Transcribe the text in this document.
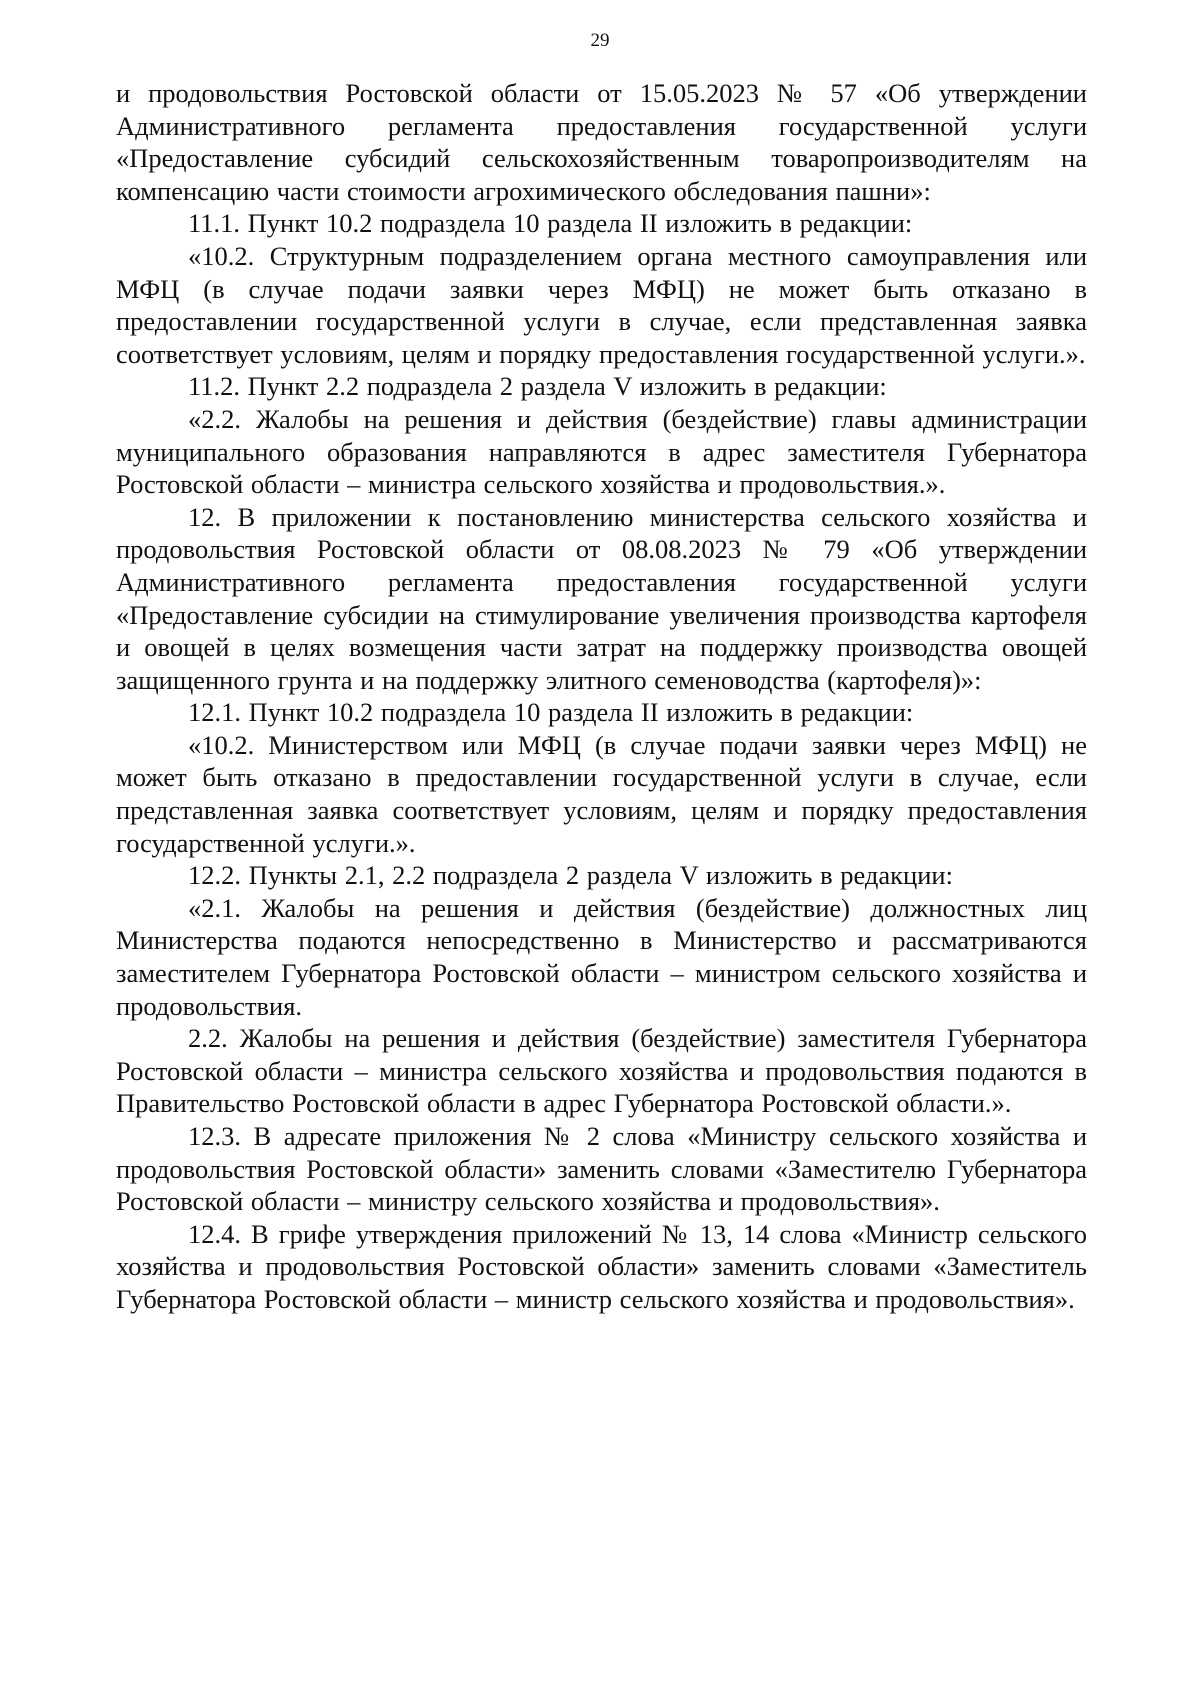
29

и продовольствия Ростовской области от 15.05.2023 № 57 «Об утверждении Административного регламента предоставления государственной услуги «Предоставление субсидий сельскохозяйственным товаропроизводителям на компенсацию части стоимости агрохимического обследования пашни»:

11.1. Пункт 10.2 подраздела 10 раздела II изложить в редакции:

«10.2. Структурным подразделением органа местного самоуправления или МФЦ (в случае подачи заявки через МФЦ) не может быть отказано в предоставлении государственной услуги в случае, если представленная заявка соответствует условиям, целям и порядку предоставления государственной услуги.».

11.2. Пункт 2.2 подраздела 2 раздела V изложить в редакции:

«2.2. Жалобы на решения и действия (бездействие) главы администрации муниципального образования направляются в адрес заместителя Губернатора Ростовской области – министра сельского хозяйства и продовольствия.».

12. В приложении к постановлению министерства сельского хозяйства и продовольствия Ростовской области от 08.08.2023 № 79 «Об утверждении Административного регламента предоставления государственной услуги «Предоставление субсидии на стимулирование увеличения производства картофеля и овощей в целях возмещения части затрат на поддержку производства овощей защищенного грунта и на поддержку элитного семеноводства (картофеля)»:

12.1. Пункт 10.2 подраздела 10 раздела II изложить в редакции:

«10.2. Министерством или МФЦ (в случае подачи заявки через МФЦ) не может быть отказано в предоставлении государственной услуги в случае, если представленная заявка соответствует условиям, целям и порядку предоставления государственной услуги.».

12.2. Пункты 2.1, 2.2 подраздела 2 раздела V изложить в редакции:

«2.1. Жалобы на решения и действия (бездействие) должностных лиц Министерства подаются непосредственно в Министерство и рассматриваются заместителем Губернатора Ростовской области – министром сельского хозяйства и продовольствия.

2.2. Жалобы на решения и действия (бездействие) заместителя Губернатора Ростовской области – министра сельского хозяйства и продовольствия подаются в Правительство Ростовской области в адрес Губернатора Ростовской области.».

12.3. В адресате приложения № 2 слова «Министру сельского хозяйства и продовольствия Ростовской области» заменить словами «Заместителю Губернатора Ростовской области – министру сельского хозяйства и продовольствия».

12.4. В грифе утверждения приложений № 13, 14 слова «Министр сельского хозяйства и продовольствия Ростовской области» заменить словами «Заместитель Губернатора Ростовской области – министр сельского хозяйства и продовольствия».
